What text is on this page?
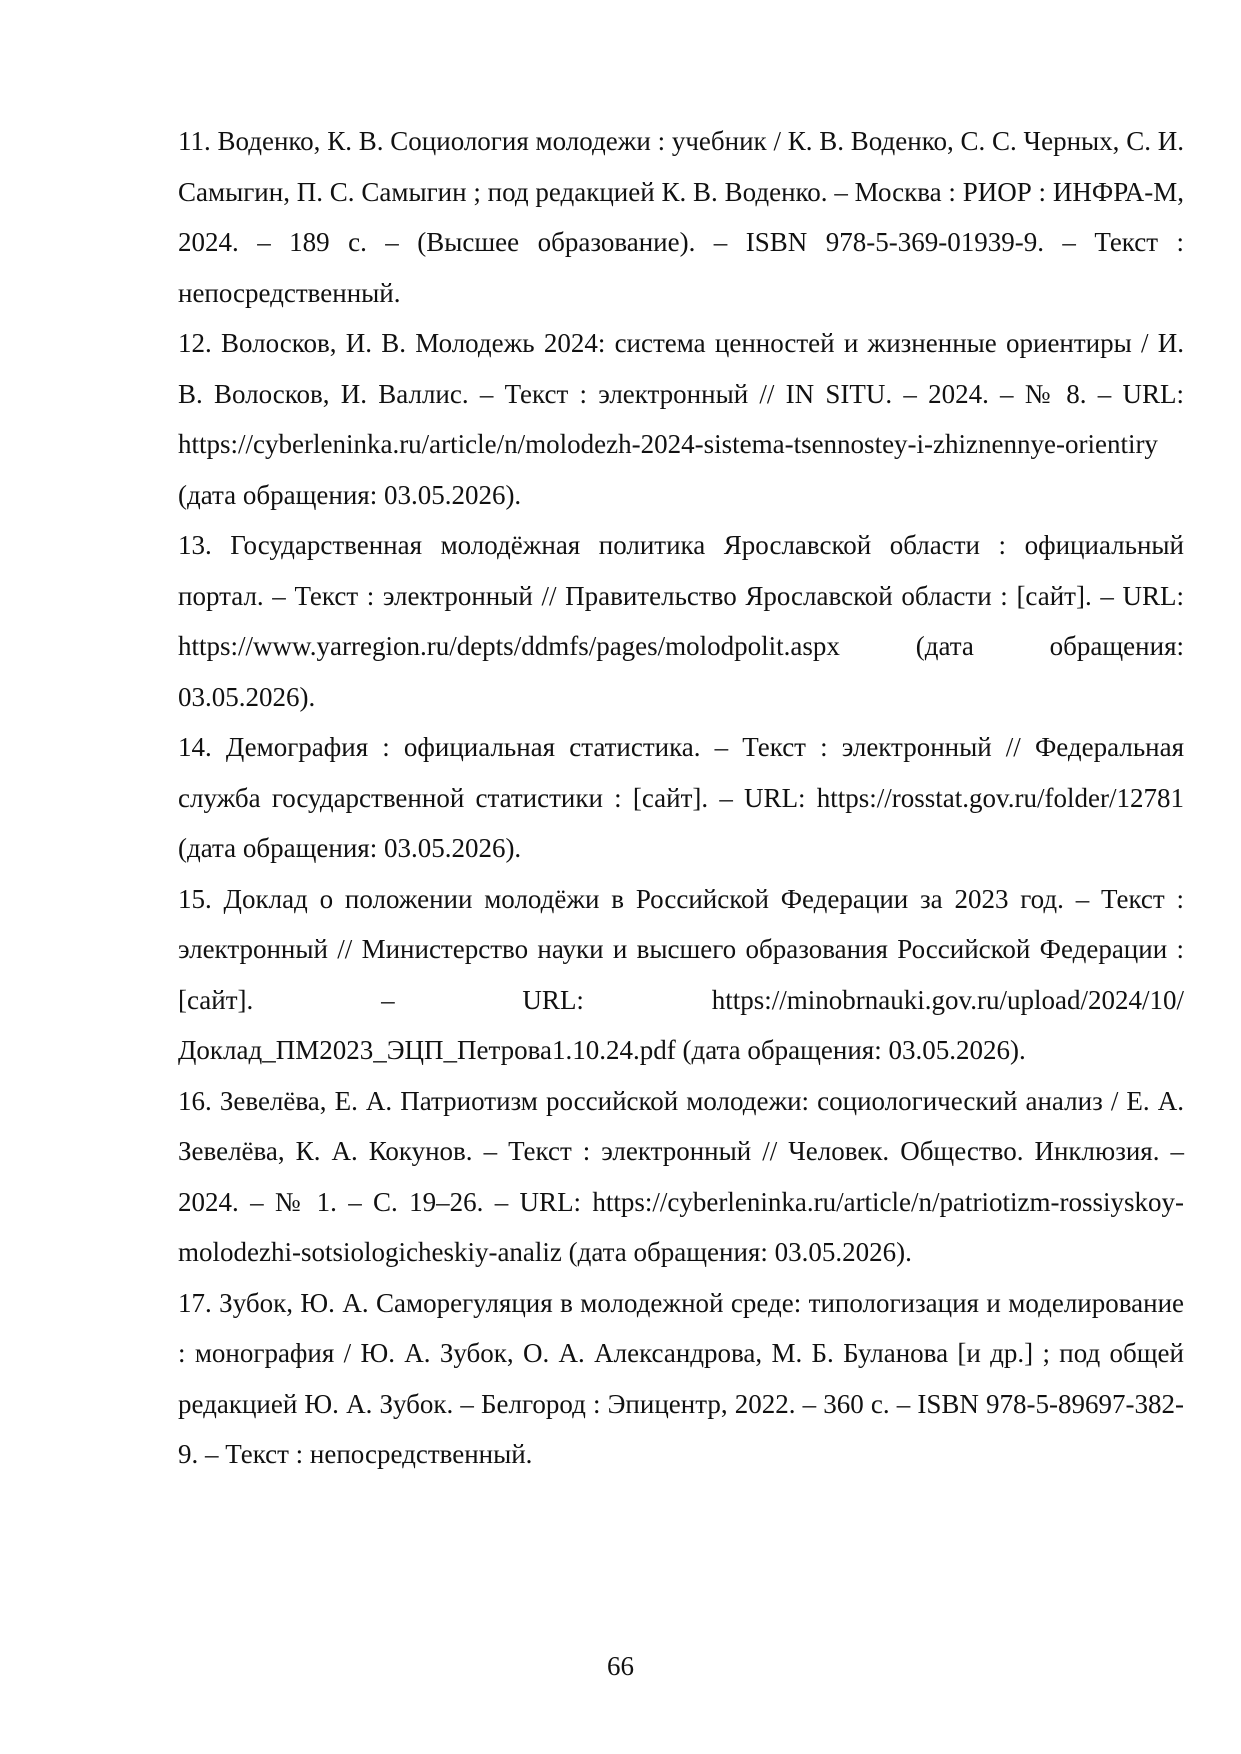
11. Воденко, К. В. Социология молодежи : учебник / К. В. Воденко, С. С. Черных, С. И. Самыгин, П. С. Самыгин ; под редакцией К. В. Воденко. – Москва : РИОР : ИНФРА-М, 2024. – 189 с. – (Высшее образование). – ISBN 978-5-369-01939-9. – Текст : непосредственный.

12. Волосков, И. В. Молодежь 2024: система ценностей и жизненные ориентиры / И. В. Волосков, И. Валлис. – Текст : электронный // IN SITU. – 2024. – № 8. – URL: https://cyberleninka.ru/article/n/molodezh-2024-sistema-tsennostey-i-zhiznennye-orientiry (дата обращения: 03.05.2026).

13. Государственная молодёжная политика Ярославской области : официальный портал. – Текст : электронный // Правительство Ярославской области : [сайт]. – URL: https://www.yarregion.ru/depts/ddmfs/pages/molodpolit.aspx (дата обращения: 03.05.2026).

14. Демография : официальная статистика. – Текст : электронный // Федеральная служба государственной статистики : [сайт]. – URL: https://rosstat.gov.ru/folder/12781 (дата обращения: 03.05.2026).

15. Доклад о положении молодёжи в Российской Федерации за 2023 год. – Текст : электронный // Министерство науки и высшего образования Российской Федерации : [сайт]. – URL: https://minobrnauki.gov.ru/upload/2024/10/Доклад_ПМ2023_ЭЦП_Петрова1.10.24.pdf (дата обращения: 03.05.2026).

16. Зевелёва, Е. А. Патриотизм российской молодежи: социологический анализ / Е. А. Зевелёва, К. А. Кокунов. – Текст : электронный // Человек. Общество. Инклюзия. – 2024. – № 1. – С. 19–26. – URL: https://cyberleninka.ru/article/n/patriotizm-rossiyskoy-molodezhi-sotsiologicheskiy-analiz (дата обращения: 03.05.2026).

17. Зубок, Ю. А. Саморегуляция в молодежной среде: типологизация и моделирование : монография / Ю. А. Зубок, О. А. Александрова, М. Б. Буланова [и др.] ; под общей редакцией Ю. А. Зубок. – Белгород : Эпицентр, 2022. – 360 с. – ISBN 978-5-89697-382-9. – Текст : непосредственный.

66
